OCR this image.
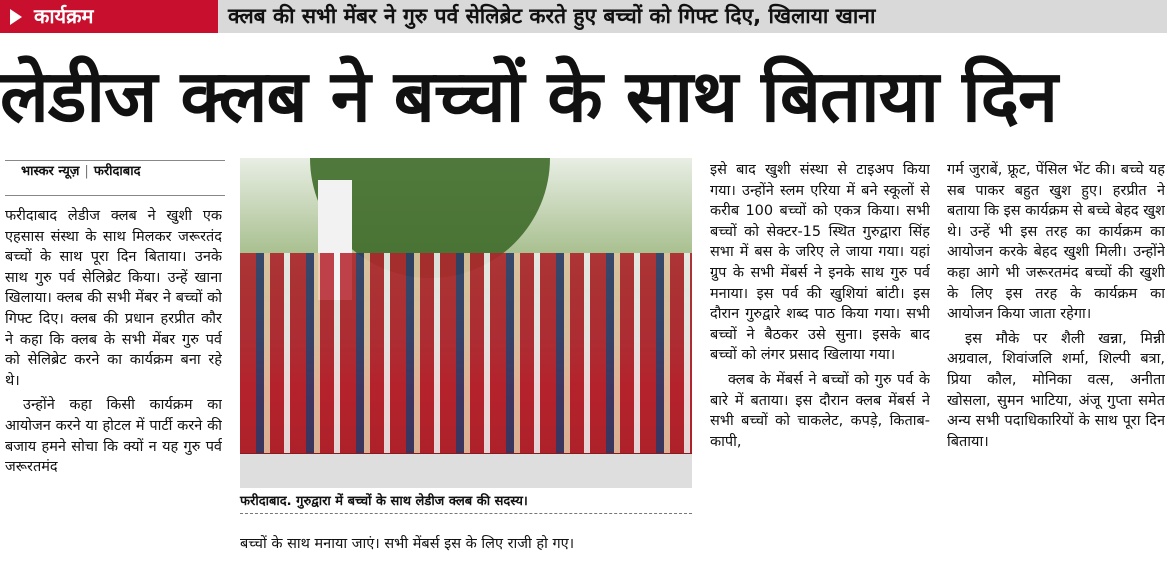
कार्यक्रम	क्लब की सभी मेंबर ने गुरु पर्व सेलिब्रेट करते हुए बच्चों को गिफ्ट दिए, खिलाया खाना
लेडीज क्लब ने बच्चों के साथ बिताया दिन
भास्कर न्यूज़ | फरीदाबाद

फरीदाबाद लेडीज क्लब ने खुशी एक एहसास संस्था के साथ मिलकर जरूरतंद बच्चों के साथ पूरा दिन बिताया। उनके साथ गुरु पर्व सेलिब्रेट किया। उन्हें खाना खिलाया। क्लब की सभी मेंबर ने बच्चों को गिफ्ट दिए। क्लब की प्रधान हरप्रीत कौर ने कहा कि क्लब के सभी मेंबर गुरु पर्व को सेलिब्रेट करने का कार्यक्रम बना रहे थे।

उन्होंने कहा किसी कार्यक्रम का आयोजन करने या होटल में पार्टी करने की बजाय हमने सोचा कि क्यों न यह गुरु पर्व जरूरतमंद

फरीदाबाद. गुरुद्वारा में बच्चों के साथ लेडीज क्लब की सदस्य।
बच्चों के साथ मनाया जाएं। सभी मेंबर्स इस के लिए राजी हो गए।

इसे बाद खुशी संस्था से टाइअप किया गया। उन्होंने स्लम एरिया में बने स्कूलों से करीब 100 बच्चों को एकत्र किया। सभी बच्चों को सेक्टर-15 स्थित गुरुद्वारा सिंह सभा में बस के जरिए ले जाया गया। यहां ग्रुप के सभी मेंबर्स ने इनके साथ गुरु पर्व मनाया। इस पर्व की खुशियां बांटी। इस दौरान गुरुद्वारे शब्द पाठ किया गया। सभी बच्चों ने बैठकर उसे सुना। इसके बाद बच्चों को लंगर प्रसाद खिलाया गया।

क्लब के मेंबर्स ने बच्चों को गुरु पर्व के बारे में बताया। इस दौरान क्लब मेंबर्स ने सभी बच्चों को चाकलेट, कपड़े, किताब-कापी,

गर्म जुराबें, फ्रूट, पेंसिल भेंट की। बच्चे यह सब पाकर बहुत खुश हुए। हरप्रीत ने बताया कि इस कार्यक्रम से बच्चे बेहद खुश थे। उन्हें भी इस तरह का कार्यक्रम का आयोजन करके बेहद खुशी मिली। उन्होंने कहा आगे भी जरूरतमंद बच्चों की खुशी के लिए इस तरह के कार्यक्रम का आयोजन किया जाता रहेगा।

इस मौके पर शैली खन्ना, मिन्नी अग्रवाल, शिवांजलि शर्मा, शिल्पी बत्रा, प्रिया कौल, मोनिका वत्स, अनीता खोसला, सुमन भाटिया, अंजू गुप्ता समेत अन्य सभी पदाधिकारियों के साथ पूरा दिन बिताया।
